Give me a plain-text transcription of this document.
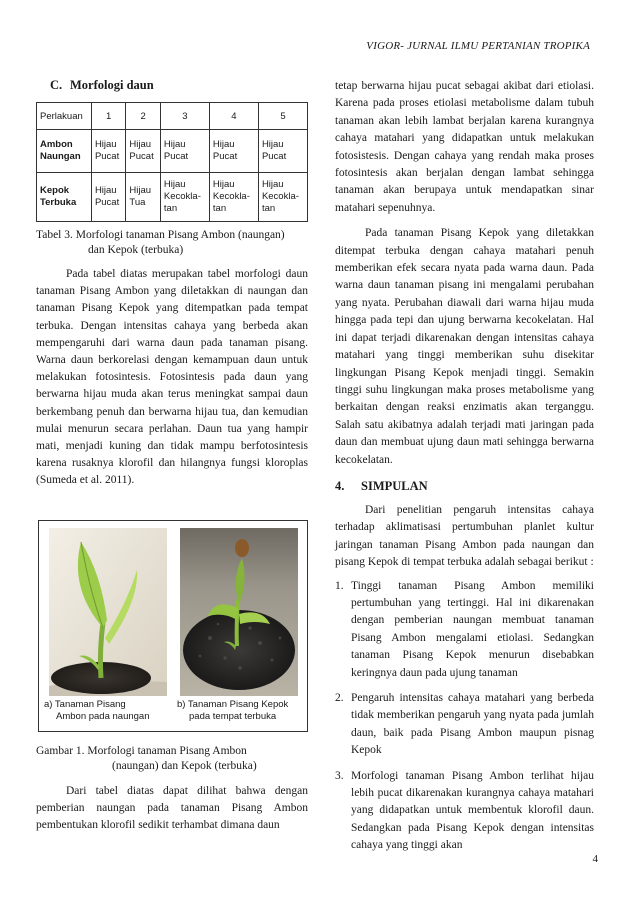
VIGOR- JURNAL ILMU PERTANIAN TROPIKA
C. Morfologi daun
Perlakuan	1	2	3	4	5
Ambon Naungan	Hijau Pucat	Hijau Pucat	Hijau Pucat	Hijau Pucat	Hijau Pucat
Kepok Terbuka	Hijau Pucat	Hijau Tua	Hijau Kecokla- tan	Hijau Kecokla- tan	Hijau Kecokla- tan
Tabel 3. Morfologi tanaman Pisang Ambon (naungan)
dan Kepok (terbuka)

Pada tabel diatas merupakan tabel morfologi daun tanaman Pisang Ambon yang diletakkan di naungan dan tanaman Pisang Kepok yang ditempatkan pada tempat terbuka. Dengan intensitas cahaya yang berbeda akan mempengaruhi dari warna daun pada tanaman pisang. Warna daun berkorelasi dengan kemampuan daun untuk melakukan fotosintesis. Fotosintesis pada daun yang berwarna hijau muda akan terus meningkat sampai daun berkembang penuh dan berwarna hijau tua, dan kemudian mulai menurun secara perlahan. Daun tua yang hampir mati, menjadi kuning dan tidak mampu berfotosintesis karena rusaknya klorofil dan hilangnya fungsi kloroplas (Sumeda et al. 2011).

a) Tanaman Pisang
Ambon pada naungan
b) Tanaman Pisang Kepok
pada tempat terbuka
Gambar 1. Morfologi tanaman Pisang Ambon
(naungan) dan Kepok (terbuka)

Dari tabel diatas dapat dilihat bahwa dengan pemberian naungan pada tanaman Pisang Ambon pembentukan klorofil sedikit terhambat dimana daun

tetap berwarna hijau pucat sebagai akibat dari etiolasi. Karena pada proses etiolasi metabolisme dalam tubuh tanaman akan lebih lambat berjalan karena kurangnya cahaya matahari yang didapatkan untuk melakukan fotosistesis. Dengan cahaya yang rendah maka proses fotosintesis akan berjalan dengan lambat sehingga tanaman akan berupaya untuk mendapatkan sinar matahari sepenuhnya.

Pada tanaman Pisang Kepok yang diletakkan ditempat terbuka dengan cahaya matahari penuh memberikan efek secara nyata pada warna daun. Pada warna daun tanaman pisang ini mengalami perubahan yang nyata. Perubahan diawali dari warna hijau muda hingga pada tepi dan ujung berwarna kecokelatan. Hal ini dapat terjadi dikarenakan dengan intensitas cahaya matahari yang tinggi memberikan suhu disekitar lingkungan Pisang Kepok menjadi tinggi. Semakin tinggi suhu lingkungan maka proses metabolisme yang berkaitan dengan reaksi enzimatis akan terganggu. Salah satu akibatnya adalah terjadi mati jaringan pada daun dan membuat ujung daun mati sehingga berwarna kecokelatan.

4. SIMPULAN

Dari penelitian pengaruh intensitas cahaya terhadap aklimatisasi pertumbuhan planlet kultur jaringan tanaman Pisang Ambon pada naungan dan pisang Kepok di tempat terbuka adalah sebagai berikut :

1. Tinggi tanaman Pisang Ambon memiliki pertumbuhan yang tertinggi. Hal ini dikarenakan dengan pemberian naungan membuat tanaman Pisang Ambon mengalami etiolasi. Sedangkan tanaman Pisang Kepok menurun disebabkan keringnya daun pada ujung tanaman
2. Pengaruh intensitas cahaya matahari yang berbeda tidak memberikan pengaruh yang nyata pada jumlah daun, baik pada Pisang Ambon maupun pisnag Kepok
3. Morfologi tanaman Pisang Ambon terlihat hijau lebih pucat dikarenakan kurangnya cahaya matahari yang didapatkan untuk membentuk klorofil daun. Sedangkan pada Pisang Kepok dengan intensitas cahaya yang tinggi akan
4
